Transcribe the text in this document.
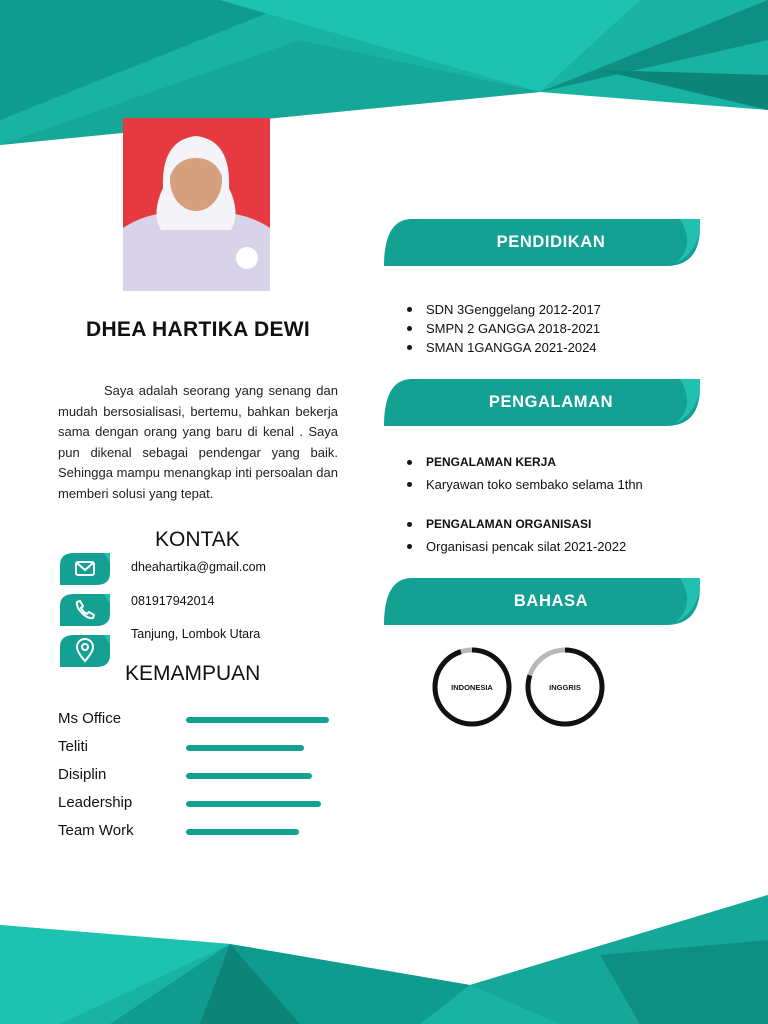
DHEA HARTIKA DEWI
Saya adalah seorang yang senang dan mudah bersosialisasi, bertemu, bahkan bekerja sama dengan orang yang baru di kenal . Saya pun dikenal sebagai pendengar yang baik. Sehingga mampu menangkap inti persoalan dan memberi solusi yang tepat.
KONTAK
dheahartika@gmail.com
081917942014
Tanjung, Lombok Utara
KEMAMPUAN
Ms Office
Teliti
Disiplin
Leadership
Team Work
PENDIDIKAN
SDN 3Genggelang 2012-2017
SMPN 2 GANGGA 2018-2021
SMAN 1GANGGA 2021-2024
PENGALAMAN
PENGALAMAN KERJA
Karyawan toko sembako selama 1thn
PENGALAMAN ORGANISASI
Organisasi pencak silat 2021-2022
BAHASA
INDONESIA	INGGRIS
